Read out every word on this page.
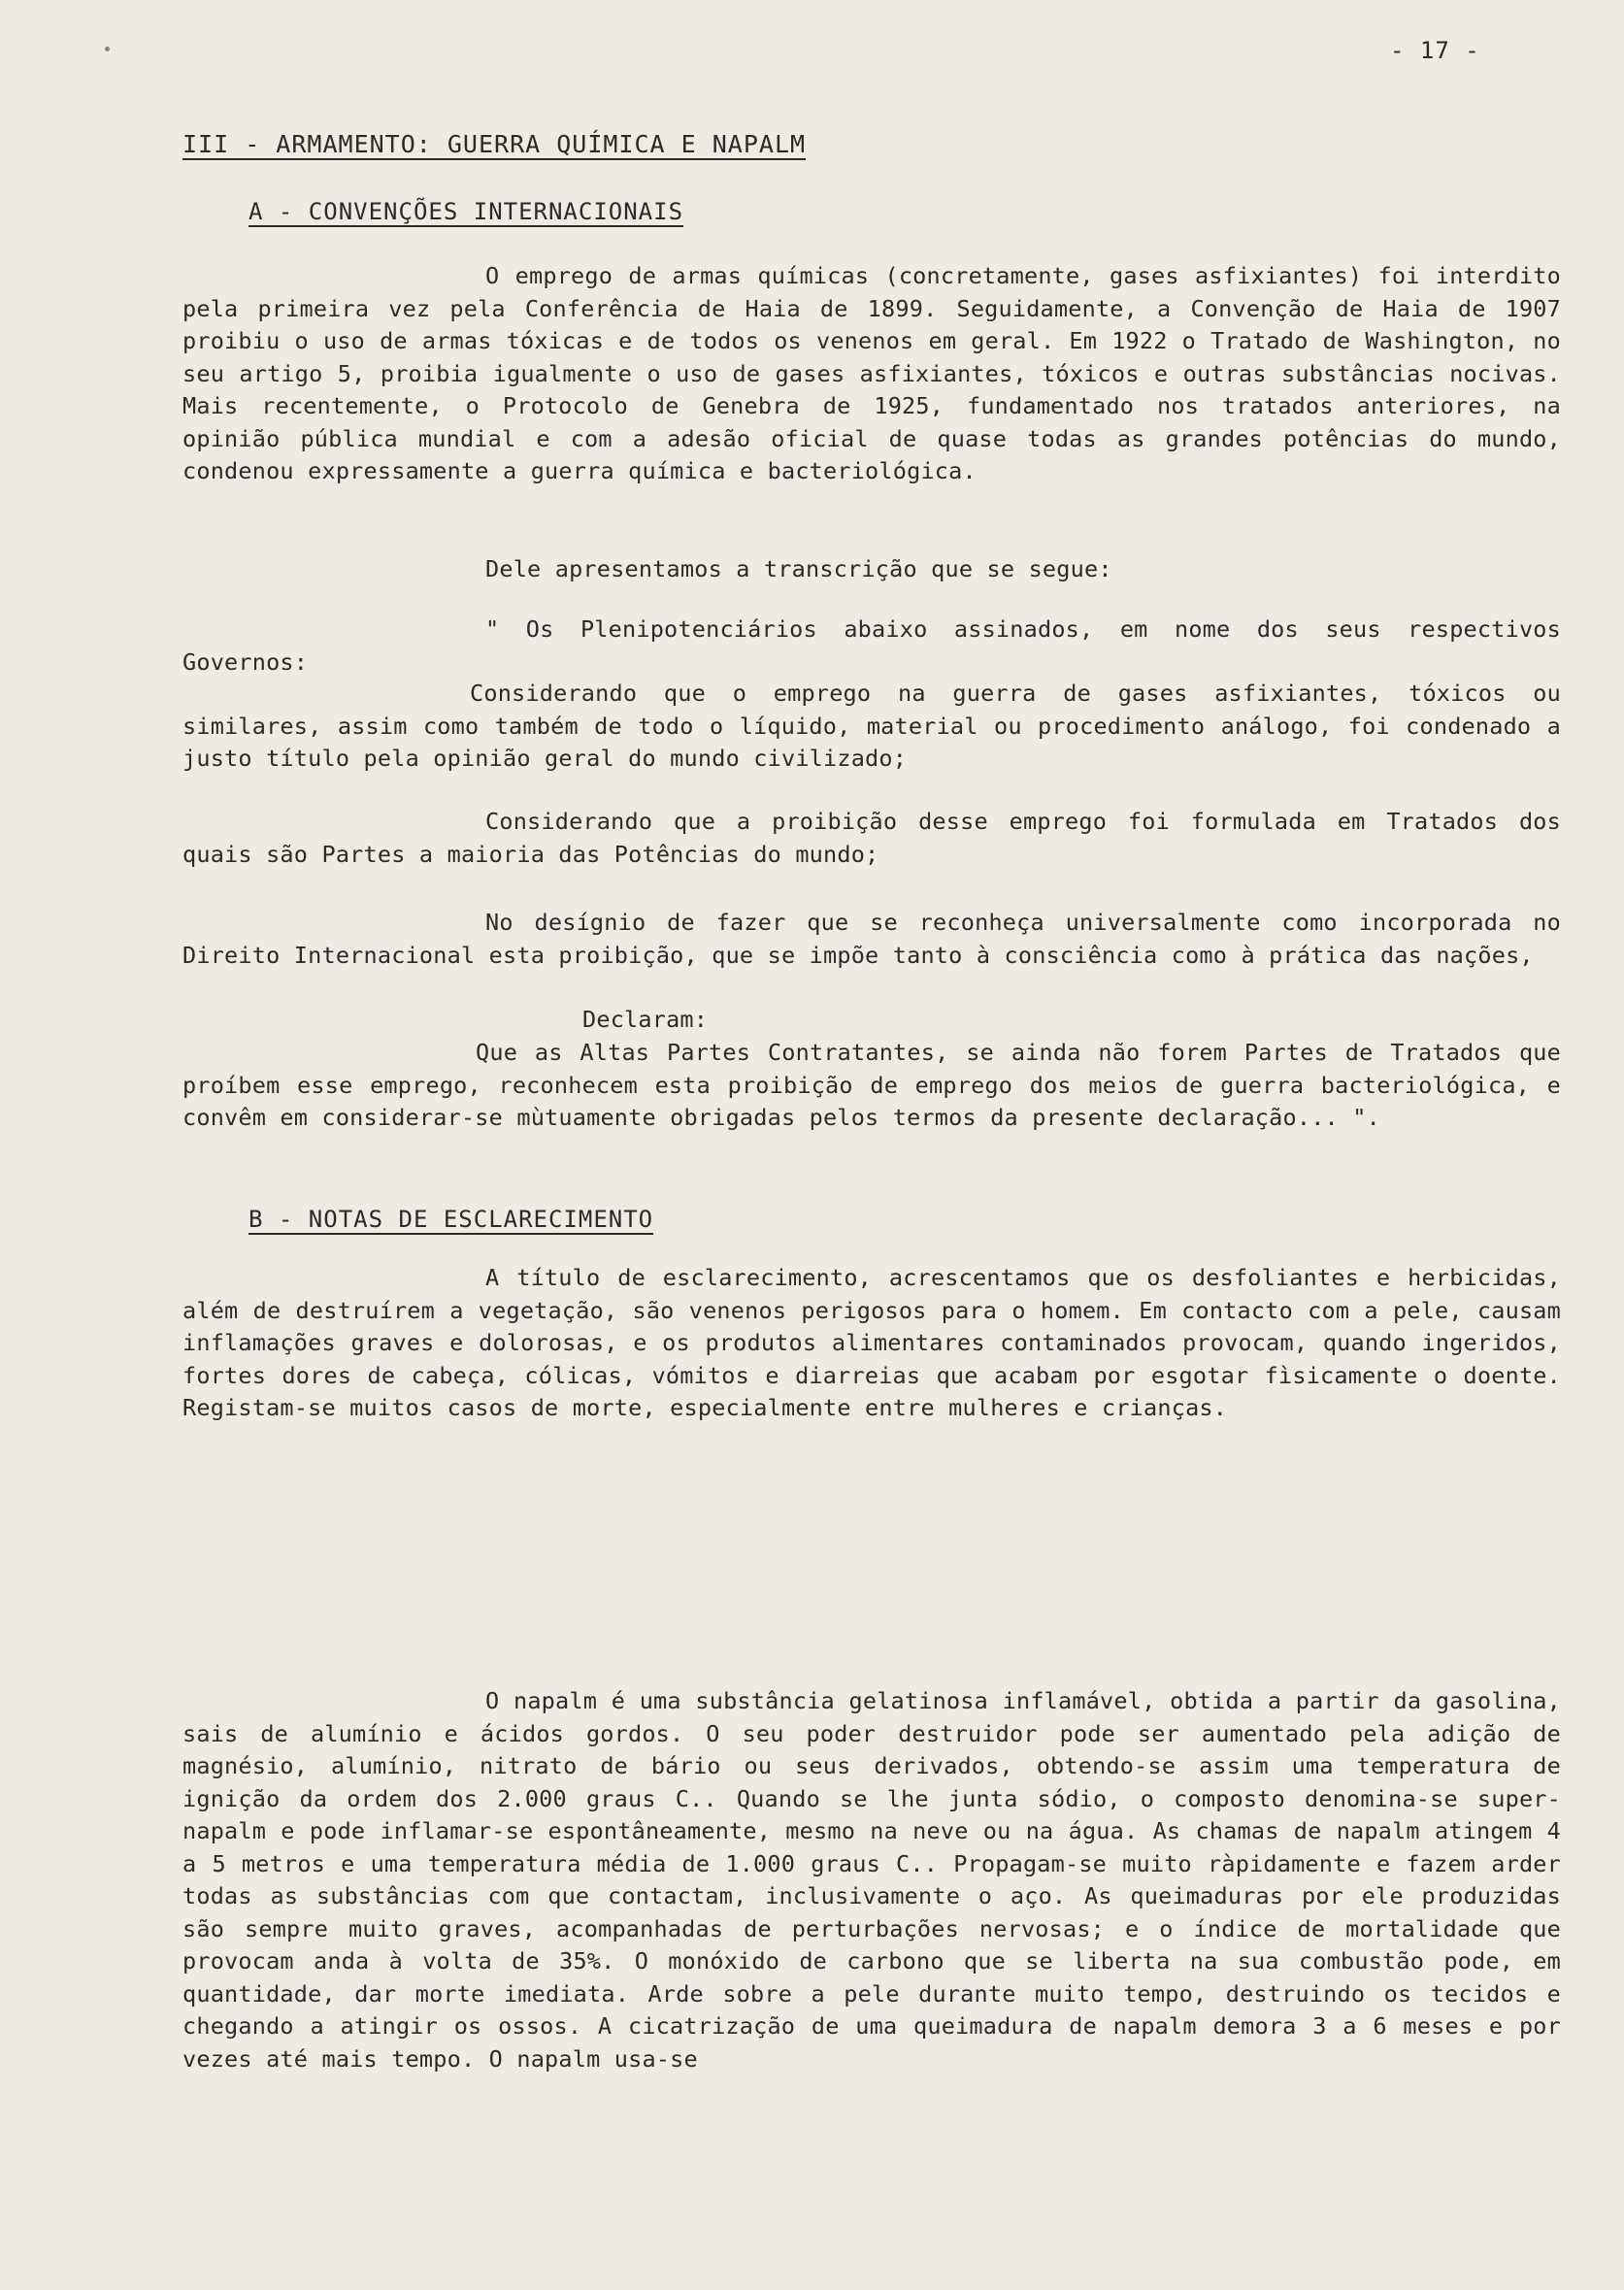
- 17 -
III - ARMAMENTO: GUERRA QUÍMICA E NAPALM
A - CONVENÇÕES INTERNACIONAIS
O emprego de armas químicas (concretamente, gases asfixiantes) foi interdito pela primeira vez pela Conferência de Haia de 1899. Seguidamente, a Convenção de Haia de 1907 proibiu o uso de armas tóxicas e de todos os venenos em geral. Em 1922 o Tratado de Washington, no seu artigo 5, proibia igualmente o uso de gases asfixiantes, tóxicos e outras substâncias nocivas. Mais recentemente, o Protocolo de Genebra de 1925, fundamentado nos tratados anteriores, na opinião pública mundial e com a adesão oficial de quase todas as grandes potências do mundo, condenou expressamente a guerra química e bacteriológica.
Dele apresentamos a transcrição que se segue:
" Os Plenipotenciários abaixo assinados, em nome dos seus respectivos Governos:
Considerando que o emprego na guerra de gases asfixiantes, tóxicos ou similares, assim como também de todo o líquido, material ou procedimento análogo, foi condenado a justo título pela opinião geral do mundo civilizado;
Considerando que a proibição desse emprego foi formulada em Tratados dos quais são Partes a maioria das Potências do mundo;
No desígnio de fazer que se reconheça universalmente como incorporada no Direito Internacional esta proibição, que se impõe tanto à consciência como à prática das nações,
Declaram:
Que as Altas Partes Contratantes, se ainda não forem Partes de Tratados que proíbem esse emprego, reconhecem esta proibição de emprego dos meios de guerra bacteriológica, e convêm em considerar-se mùtuamente obrigadas pelos termos da presente declaração... ".
B - NOTAS DE ESCLARECIMENTO
A título de esclarecimento, acrescentamos que os desfoliantes e herbicidas, além de destruírem a vegetação, são venenos perigosos para o homem. Em contacto com a pele, causam inflamações graves e dolorosas, e os produtos alimentares contaminados provocam, quando ingeridos, fortes dores de cabeça, cólicas, vómitos e diarreias que acabam por esgotar fìsicamente o doente. Registam-se muitos casos de morte, especialmente entre mulheres e crianças.
O napalm é uma substância gelatinosa inflamável, obtida a partir da gasolina, sais de alumínio e ácidos gordos. O seu poder destruidor pode ser aumentado pela adição de magnésio, alumínio, nitrato de bário ou seus derivados, obtendo-se assim uma temperatura de ignição da ordem dos 2.000 graus C.. Quando se lhe junta sódio, o composto denomina-se super-napalm e pode inflamar-se espontâneamente, mesmo na neve ou na água. As chamas de napalm atingem 4 a 5 metros e uma temperatura média de 1.000 graus C.. Propagam-se muito ràpidamente e fazem arder todas as substâncias com que contactam, inclusivamente o aço. As queimaduras por ele produzidas são sempre muito graves, acompanhadas de perturbações nervosas; e o índice de mortalidade que provocam anda à volta de 35%. O monóxido de carbono que se liberta na sua combustão pode, em quantidade, dar morte imediata. Arde sobre a pele durante muito tempo, destruindo os tecidos e chegando a atingir os ossos. A cicatrização de uma queimadura de napalm demora 3 a 6 meses e por vezes até mais tempo. O napalm usa-se
